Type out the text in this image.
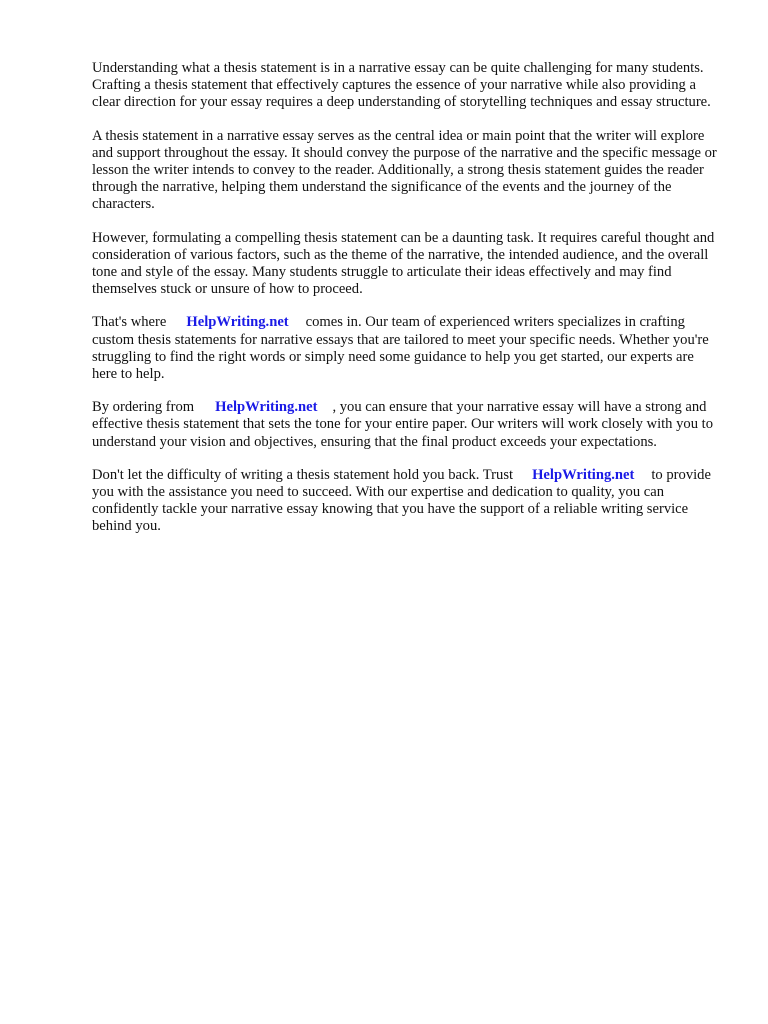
Understanding what a thesis statement is in a narrative essay can be quite challenging for many students. Crafting a thesis statement that effectively captures the essence of your narrative while also providing a clear direction for your essay requires a deep understanding of storytelling techniques and essay structure.

A thesis statement in a narrative essay serves as the central idea or main point that the writer will explore and support throughout the essay. It should convey the purpose of the narrative and the specific message or lesson the writer intends to convey to the reader. Additionally, a strong thesis statement guides the reader through the narrative, helping them understand the significance of the events and the journey of the characters.

However, formulating a compelling thesis statement can be a daunting task. It requires careful thought and consideration of various factors, such as the theme of the narrative, the intended audience, and the overall tone and style of the essay. Many students struggle to articulate their ideas effectively and may find themselves stuck or unsure of how to proceed.

That's where HelpWriting.net comes in. Our team of experienced writers specializes in crafting custom thesis statements for narrative essays that are tailored to meet your specific needs. Whether you're struggling to find the right words or simply need some guidance to help you get started, our experts are here to help.

By ordering from HelpWriting.net , you can ensure that your narrative essay will have a strong and effective thesis statement that sets the tone for your entire paper. Our writers will work closely with you to understand your vision and objectives, ensuring that the final product exceeds your expectations.

Don't let the difficulty of writing a thesis statement hold you back. Trust HelpWriting.net to provide you with the assistance you need to succeed. With our expertise and dedication to quality, you can confidently tackle your narrative essay knowing that you have the support of a reliable writing service behind you.
